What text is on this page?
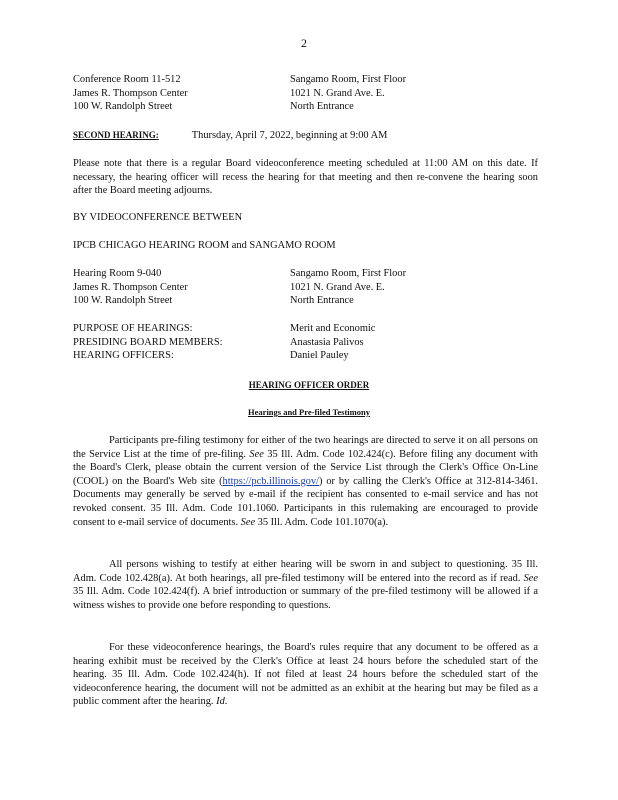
2
Conference Room 11-512
James R. Thompson Center
100 W. Randolph Street
Sangamo Room, First Floor
1021 N. Grand Ave. E.
North Entrance
SECOND HEARING:	Thursday, April 7, 2022, beginning at 9:00 AM
Please note that there is a regular Board videoconference meeting scheduled at 11:00 AM on this date. If necessary, the hearing officer will recess the hearing for that meeting and then re-convene the hearing soon after the Board meeting adjourns.
BY VIDEOCONFERENCE BETWEEN
IPCB CHICAGO HEARING ROOM and SANGAMO ROOM
Hearing Room 9-040
James R. Thompson Center
100 W. Randolph Street
Sangamo Room, First Floor
1021 N. Grand Ave. E.
North Entrance
PURPOSE OF HEARINGS:
PRESIDING BOARD MEMBERS:
HEARING OFFICERS:
Merit and Economic
Anastasia Palivos
Daniel Pauley
HEARING OFFICER ORDER
Hearings and Pre-filed Testimony
Participants pre-filing testimony for either of the two hearings are directed to serve it on all persons on the Service List at the time of pre-filing. See 35 Ill. Adm. Code 102.424(c). Before filing any document with the Board's Clerk, please obtain the current version of the Service List through the Clerk's Office On-Line (COOL) on the Board's Web site (https://pcb.illinois.gov/) or by calling the Clerk's Office at 312-814-3461. Documents may generally be served by e-mail if the recipient has consented to e-mail service and has not revoked consent. 35 Ill. Adm. Code 101.1060. Participants in this rulemaking are encouraged to provide consent to e-mail service of documents. See 35 Ill. Adm. Code 101.1070(a).
All persons wishing to testify at either hearing will be sworn in and subject to questioning. 35 Ill. Adm. Code 102.428(a). At both hearings, all pre-filed testimony will be entered into the record as if read. See 35 Ill. Adm. Code 102.424(f). A brief introduction or summary of the pre-filed testimony will be allowed if a witness wishes to provide one before responding to questions.
For these videoconference hearings, the Board's rules require that any document to be offered as a hearing exhibit must be received by the Clerk's Office at least 24 hours before the scheduled start of the hearing. 35 Ill. Adm. Code 102.424(h). If not filed at least 24 hours before the scheduled start of the videoconference hearing, the document will not be admitted as an exhibit at the hearing but may be filed as a public comment after the hearing. Id.
